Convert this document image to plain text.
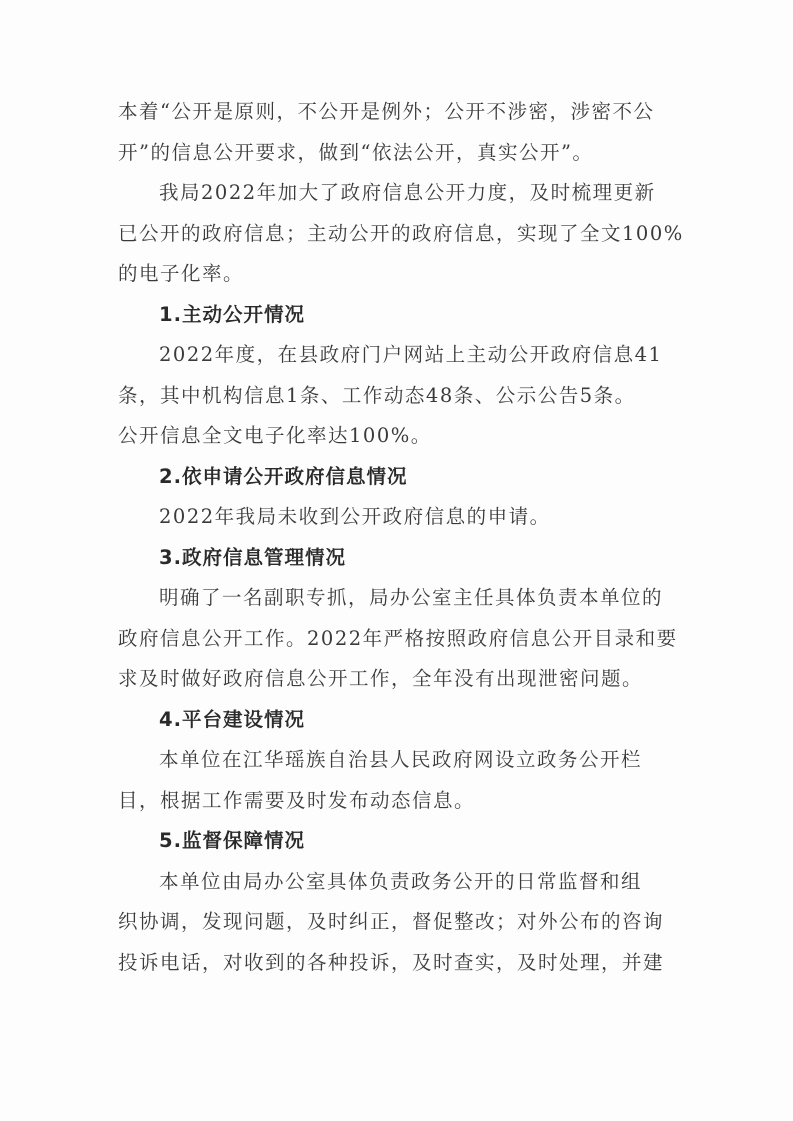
本着“公开是原则，不公开是例外；公开不涉密，涉密不公
开”的信息公开要求，做到“依法公开，真实公开”。
我局2022年加大了政府信息公开力度，及时梳理更新
已公开的政府信息；主动公开的政府信息，实现了全文100%
的电子化率。
1.主动公开情况
2022年度，在县政府门户网站上主动公开政府信息41
条，其中机构信息1条、工作动态48条、公示公告5条。
公开信息全文电子化率达100%。
2.依申请公开政府信息情况
2022年我局未收到公开政府信息的申请。
3.政府信息管理情况
明确了一名副职专抓，局办公室主任具体负责本单位的
政府信息公开工作。2022年严格按照政府信息公开目录和要
求及时做好政府信息公开工作，全年没有出现泄密问题。
4.平台建设情况
本单位在江华瑶族自治县人民政府网设立政务公开栏
目，根据工作需要及时发布动态信息。
5.监督保障情况
本单位由局办公室具体负责政务公开的日常监督和组
织协调，发现问题，及时纠正，督促整改；对外公布的咨询
投诉电话，对收到的各种投诉，及时查实，及时处理，并建
